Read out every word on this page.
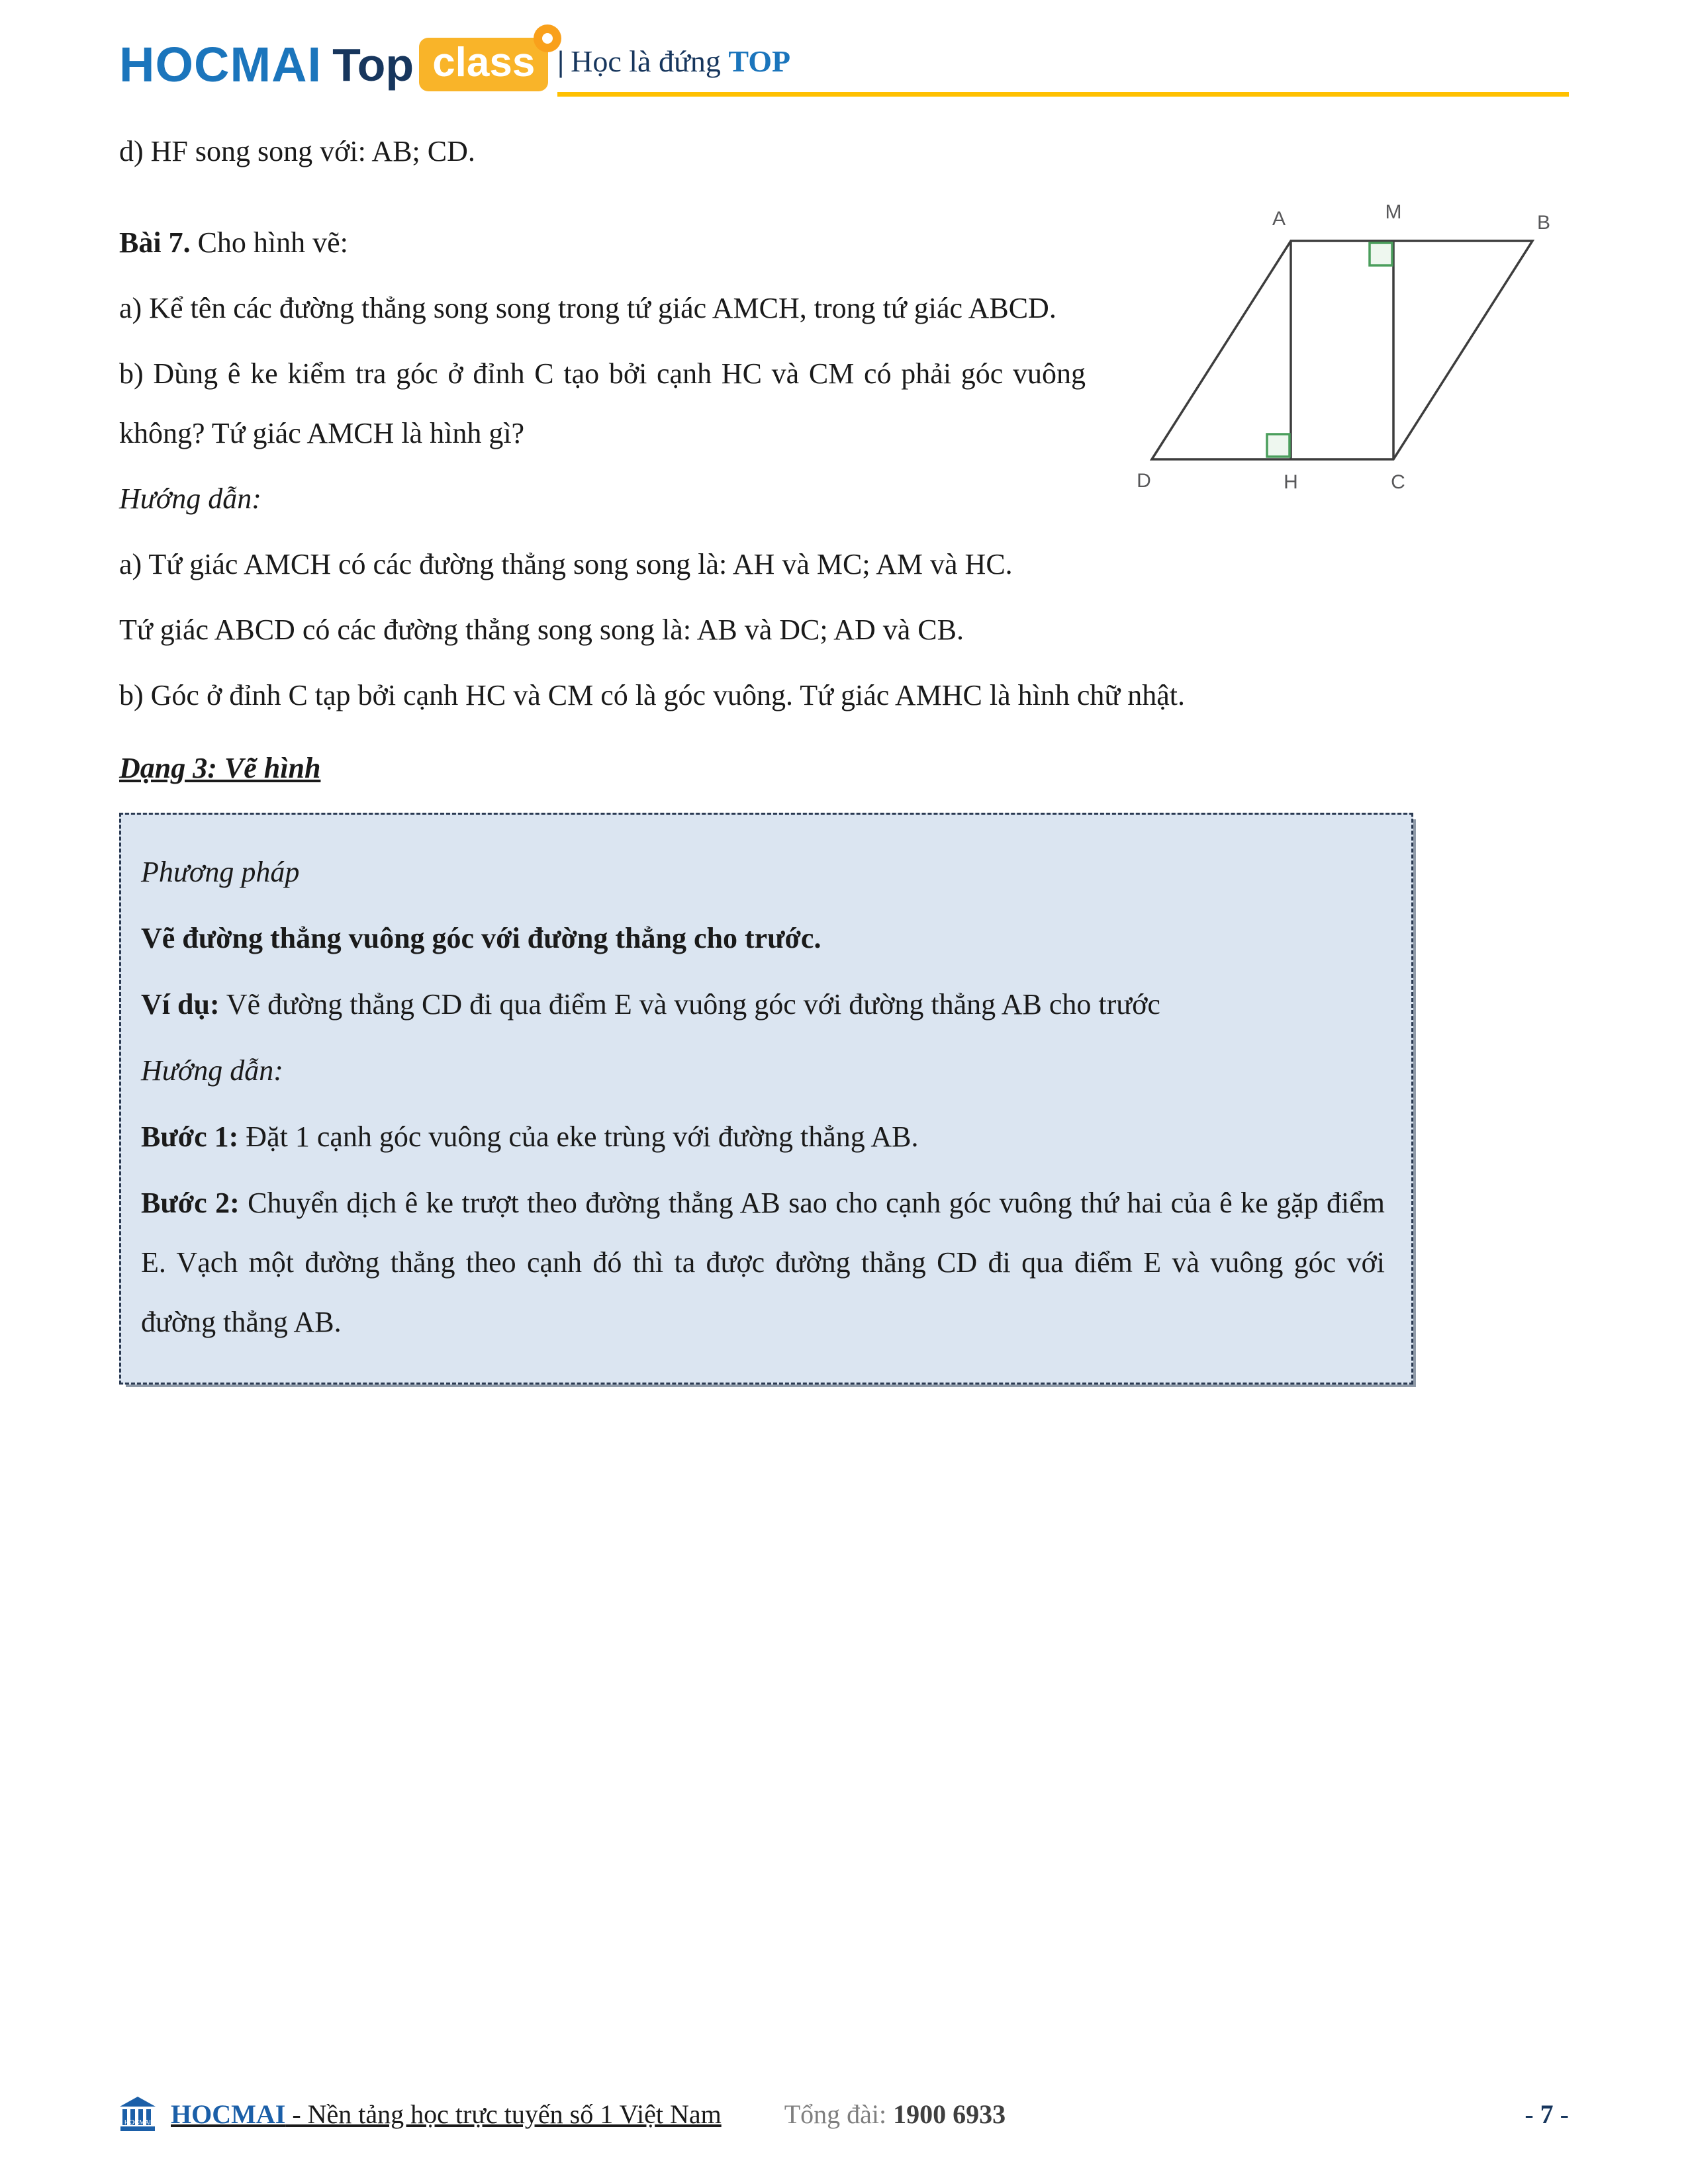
HOCMAI Top class | Học là đứng TOP

d) HF song song với: AB; CD.

A	M	B
D	H	C

Bài 7. Cho hình vẽ:

a) Kể tên các đường thẳng song song trong tứ giác AMCH, trong tứ giác ABCD.

b) Dùng ê ke kiểm tra góc ở đỉnh C tạo bởi cạnh HC và CM có phải góc vuông không? Tứ giác AMCH là hình gì?

Hướng dẫn:

a) Tứ giác AMCH có các đường thẳng song song là: AH và MC; AM và HC.

Tứ giác ABCD có các đường thẳng song song là: AB và DC; AD và CB.

b) Góc ở đỉnh C tạp bởi cạnh HC và CM có là góc vuông. Tứ giác AMHC là hình chữ nhật.

Dạng 3: Vẽ hình

Phương pháp

Vẽ đường thẳng vuông góc với đường thẳng cho trước.

Ví dụ: Vẽ đường thẳng CD đi qua điểm E và vuông góc với đường thẳng AB cho trước

Hướng dẫn:

Bước 1: Đặt 1 cạnh góc vuông của eke trùng với đường thẳng AB.

Bước 2: Chuyển dịch ê ke trượt theo đường thẳng AB sao cho cạnh góc vuông thứ hai của ê ke gặp điểm E. Vạch một đường thẳng theo cạnh đó thì ta được đường thẳng CD đi qua điểm E và vuông góc với đường thẳng AB.

HOCMAI HOCMAI - Nền tảng học trực tuyến số 1 Việt Nam Tổng đài: 1900 6933	- 7 -
